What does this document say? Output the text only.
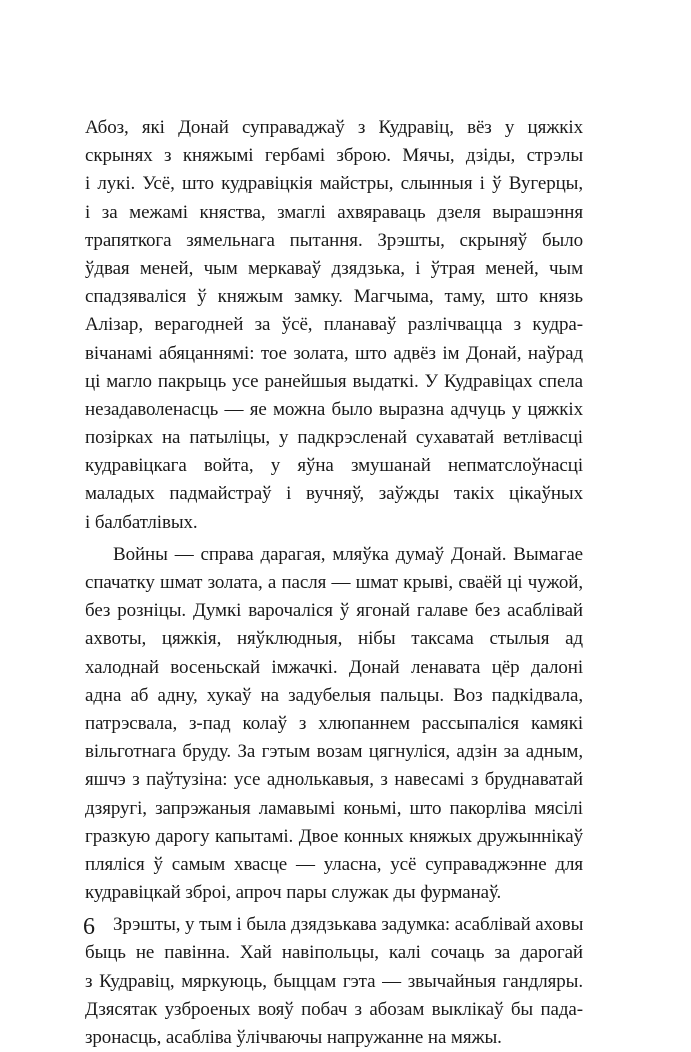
Абоз, які Донай суправаджаў з Кудравіц, вёз у цяжкіх
скрынях з княжымі гербамі зброю. Мячы, дзіды, стрэлы
і лукі. Усё, што кудравіцкія майстры, слынныя і ў Вугерцы,
і за межамі княства, змаглі ахвяраваць дзеля вырашэння
трапяткога зямельнага пытання. Зрэшты, скрыняў было
ўдвая меней, чым меркаваў дзядзька, і ўтрая меней, чым
спадзяваліся ў княжым замку. Магчыма, таму, што князь
Алізар, верагодней за ўсё, планаваў разлічвацца з кудра-
вічанамі абяцаннямі: тое золата, што адвёз ім Донай, наўрад
ці магло пакрыць усе ранейшыя выдаткі. У Кудравіцах спела
незадаволенасць — яе можна было выразна адчуць у цяжкіх
позірках на патыліцы, у падкрэсленай сухаватай ветлівасці
кудравіцкага войта, у яўна змушанай непматслоўнасці
маладых падмайстраў і вучняў, заўжды такіх цікаўных
і балбатлівых.
Войны — справа дарагая, мляўка думаў Донай. Вымагае
спачатку шмат золата, а пасля — шмат крыві, сваёй ці чужой,
без розніцы. Думкі варочаліся ў ягонай галаве без асаблівай
ахвоты, цяжкія, няўклюдныя, нібы таксама стылыя ад
халоднай восеньскай імжачкі. Донай ленавата цёр далоні
адна аб адну, хукаў на задубелыя пальцы. Воз падкідвала,
патрэсвала, з-пад колаў з хлюпаннем рассыпаліся камякі
вільготнага бруду. За гэтым возам цягнуліся, адзін за адным,
яшчэ з паўтузіна: усе аднолькавыя, з навесамі з бруднаватай
дзяругі, запрэжаныя ламавымі коньмі, што пакорліва мясілі
гразкую дарогу капытамі. Двое конных княжых дружыннікаў
пляліся ў самым хвасце — уласна, усё суправаджэнне для
кудравіцкай зброі, апроч пары служак ды фурманаў.
Зрэшты, у тым і была дзядзькава задумка: асаблівай аховы
быць не павінна. Хай навіпольцы, калі сочаць за дарогай
з Кудравіц, мяркуюць, быццам гэта — звычайныя гандляры.
Дзясятак узброеных вояў побач з абозам выклікаў бы пада-
зронасць, асабліва ўлічваючы напружанне на мяжы.
6
